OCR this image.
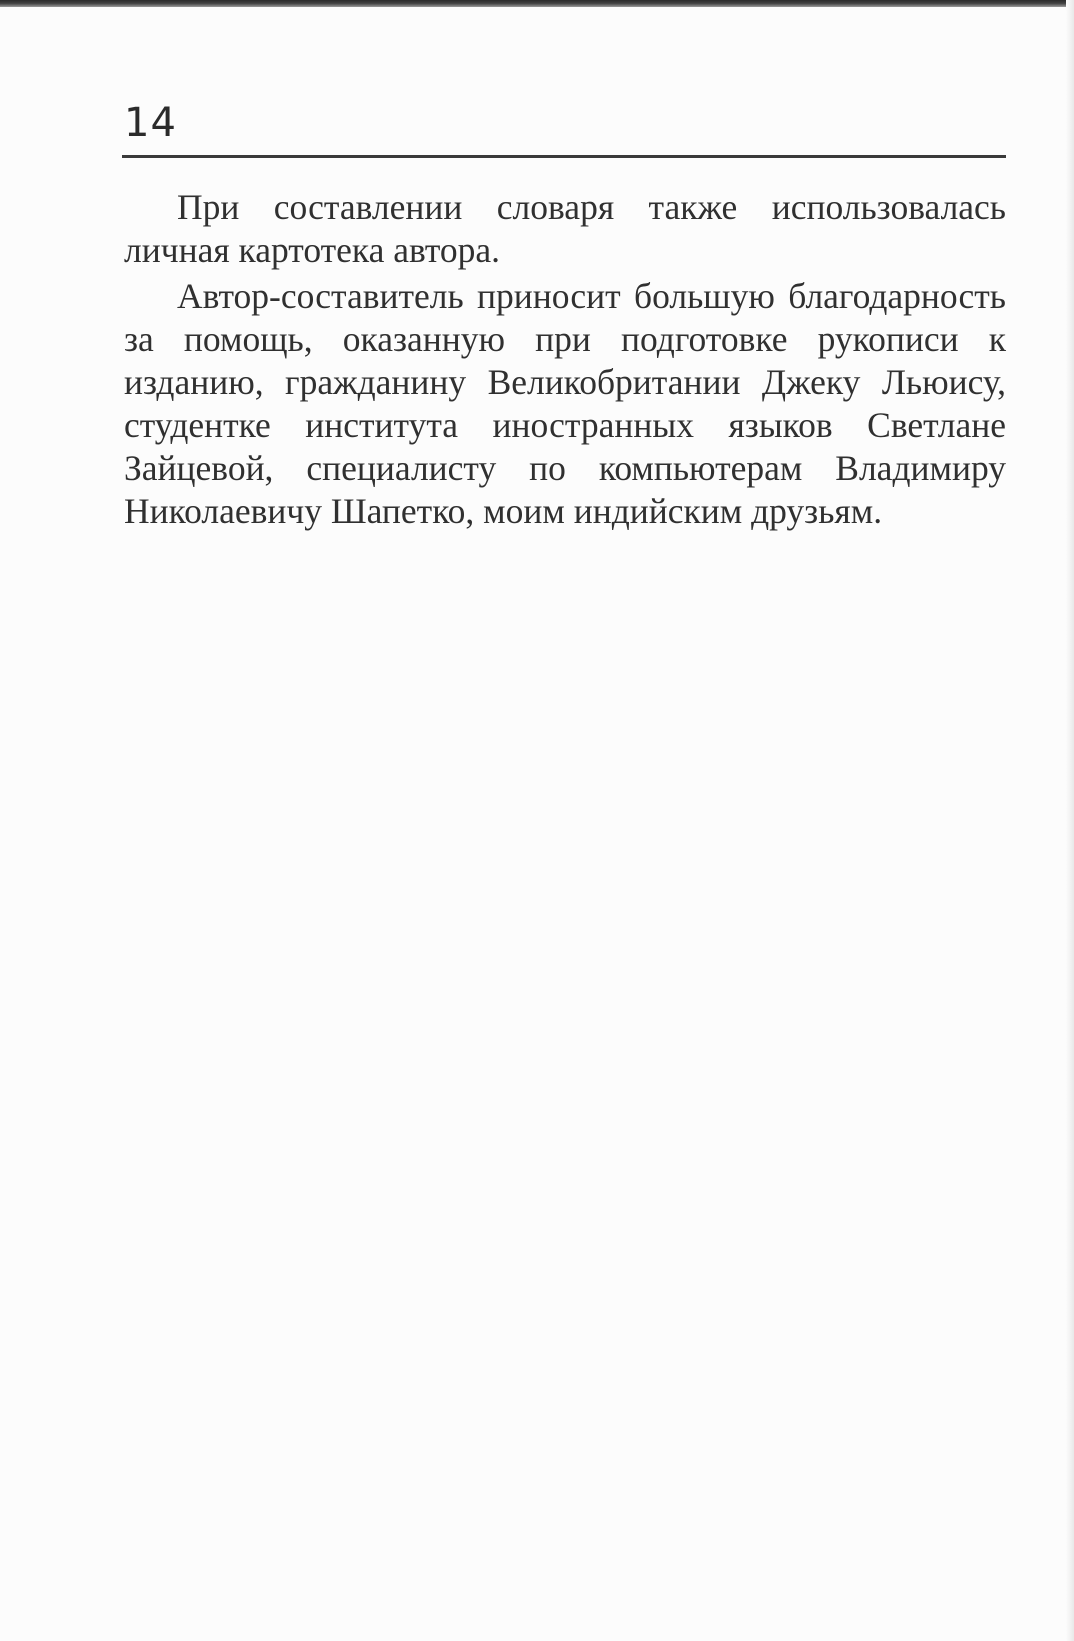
14

При составлении словаря также использовалась личная картотека автора.

Автор-составитель приносит большую благодарность за помощь, оказанную при подготовке рукописи к изданию, гражданину Великобритании Джеку Льюису, студентке института иностранных языков Светлане Зайцевой, специалисту по компьютерам Владимиру Николаевичу Шапетко, моим индийским друзьям.
